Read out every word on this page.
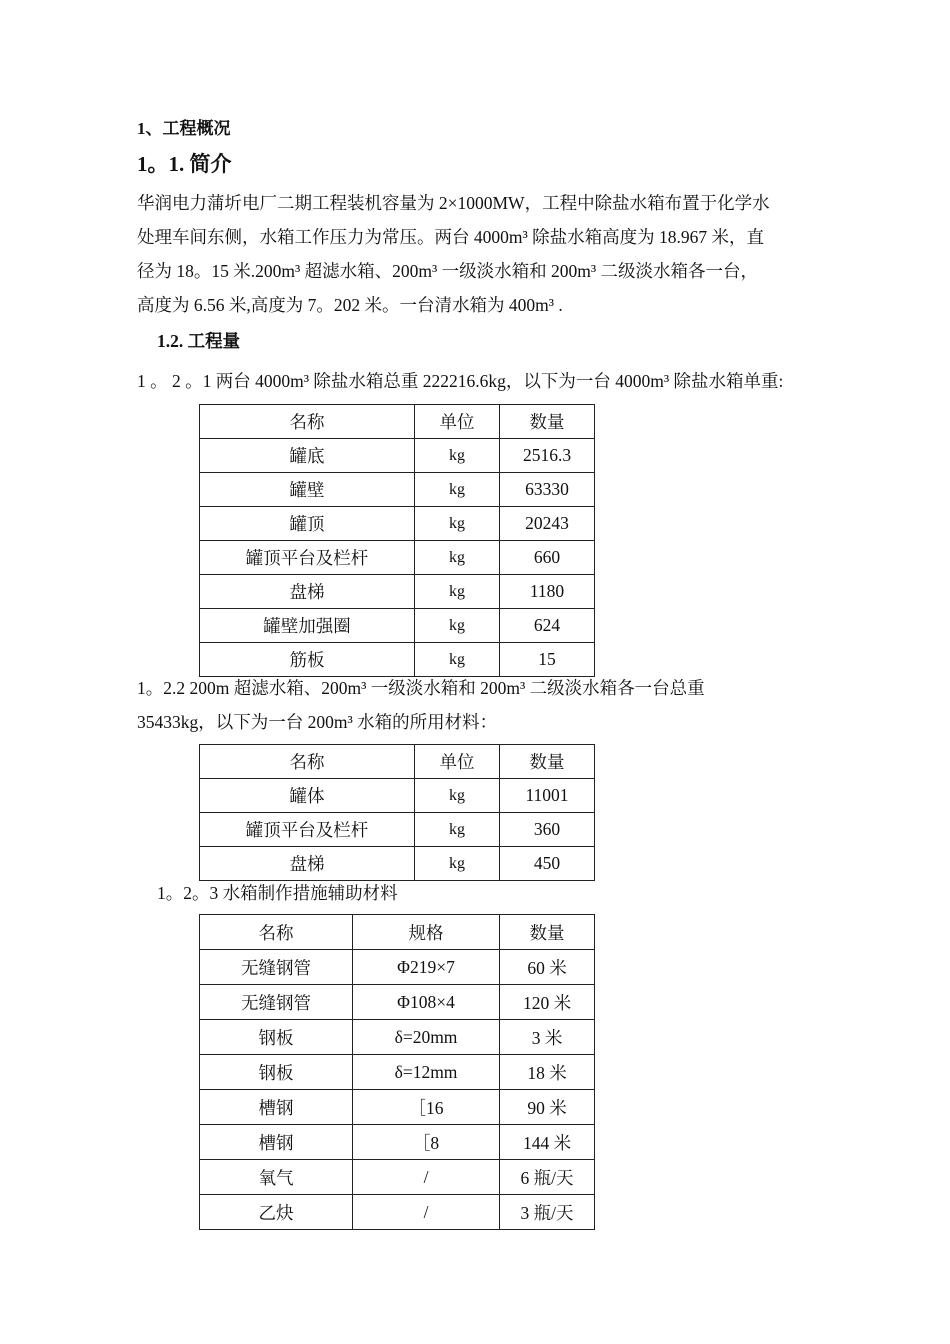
1、工程概况
1。1. 简介
华润电力蒲圻电厂二期工程装机容量为 2×1000MW，工程中除盐水箱布置于化学水
处理车间东侧，水箱工作压力为常压。两台 4000m³ 除盐水箱高度为 18.967 米，直
径为 18。15 米.200m³ 超滤水箱、200m³ 一级淡水箱和 200m³ 二级淡水箱各一台，
高度为 6.56 米,高度为 7。202 米。一台清水箱为 400m³ .
1.2. 工程量
1 。 2 。1 两台 4000m³ 除盐水箱总重 222216.6kg，以下为一台 4000m³ 除盐水箱单重:
名称	单位	数量
罐底	kg	2516.3
罐壁	kg	63330
罐顶	kg	20243
罐顶平台及栏杆	kg	660
盘梯	kg	1180
罐壁加强圈	kg	624
筋板	kg	15
1。2.2 200m 超滤水箱、200m³ 一级淡水箱和 200m³ 二级淡水箱各一台总重
35433kg，以下为一台 200m³ 水箱的所用材料：
名称	单位	数量
罐体	kg	11001
罐顶平台及栏杆	kg	360
盘梯	kg	450
1。2。3 水箱制作措施辅助材料
名称	规格	数量
无缝钢管	Φ219×7	60 米
无缝钢管	Φ108×4	120 米
钢板	δ=20mm	3 米
钢板	δ=12mm	18 米
槽钢	［16	90 米
槽钢	［8	144 米
氧气	/	6 瓶/天
乙炔	/	3 瓶/天
